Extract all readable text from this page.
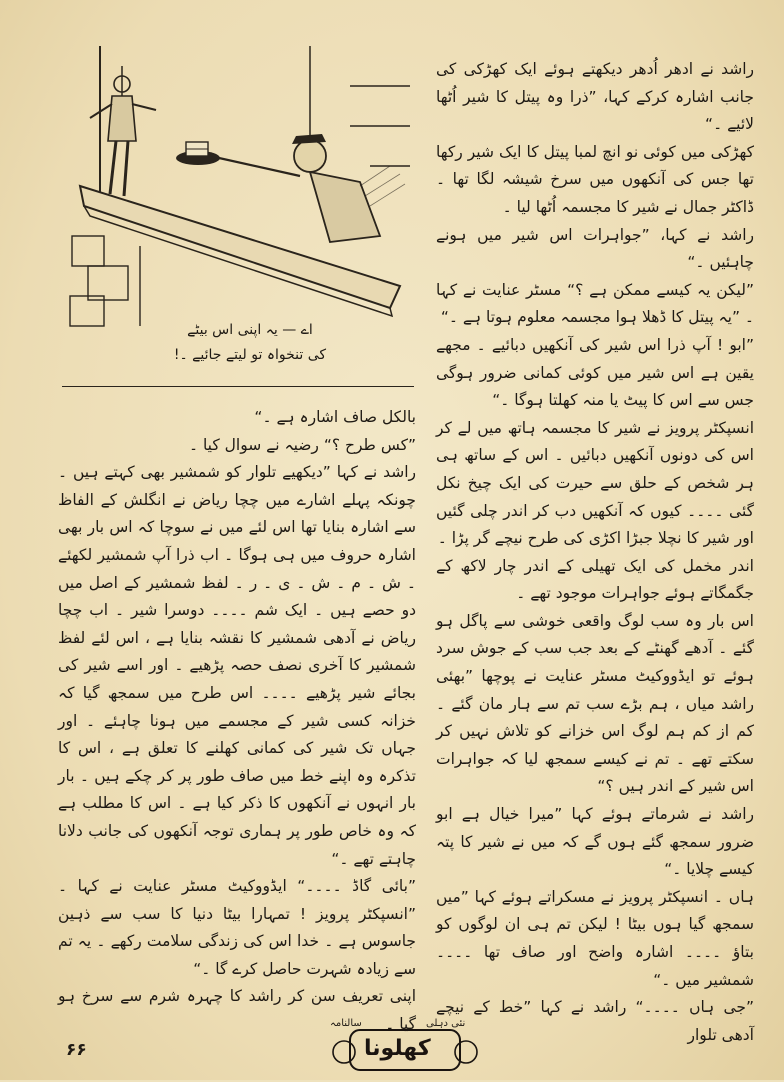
اے — یہ اپنی اس بیٹے

کی تنخواہ تو لیتے جائیے ۔!

راشد نے ادھر اُدھر دیکھتے ہوئے ایک کھڑکی کی جانب اشارہ کرکے کہا، ”ذرا وہ پیتل کا شیر اُٹھا لائیے ۔“

کھڑکی میں کوئی نو انچ لمبا پیتل کا ایک شیر رکھا تھا جس کی آنکھوں میں سرخ شیشہ لگا تھا ۔ ڈاکٹر جمال نے شیر کا مجسمہ اُٹھا لیا ۔

راشد نے کہا، ”جواہرات اس شیر میں ہونے چاہئیں ۔“

”لیکن یہ کیسے ممکن ہے ؟“ مسٹر عنایت نے کہا ۔ ”یہ پیتل کا ڈھلا ہوا مجسمہ معلوم ہوتا ہے ۔“

”ابو ! آپ ذرا اس شیر کی آنکھیں دبائیے ۔ مجھے یقین ہے اس شیر میں کوئی کمانی ضرور ہوگی جس سے اس کا پیٹ یا منہ کھلتا ہوگا ۔“

انسپکٹر پرویز نے شیر کا مجسمہ ہاتھ میں لے کر اس کی دونوں آنکھیں دبائیں ۔ اس کے ساتھ ہی ہر شخص کے حلق سے حیرت کی ایک چیخ نکل گئی ۔۔۔۔ کیوں کہ آنکھیں دب کر اندر چلی گئیں اور شیر کا نچلا جبڑا اکڑی کی طرح نیچے گر پڑا ۔

اندر مخمل کی ایک تھیلی کے اندر چار لاکھ کے جگمگاتے ہوئے جواہرات موجود تھے ۔

اس بار وہ سب لوگ واقعی خوشی سے پاگل ہو گئے ۔ آدھے گھنٹے کے بعد جب سب کے جوش سرد ہوئے تو ایڈووکیٹ مسٹر عنایت نے پوچھا ”بھئی راشد میاں ، ہم بڑے سب تم سے ہار مان گئے ۔ کم از کم ہم لوگ اس خزانے کو تلاش نہیں کر سکتے تھے ۔ تم نے کیسے سمجھ لیا کہ جواہرات اس شیر کے اندر ہیں ؟“

راشد نے شرماتے ہوئے کہا ”میرا خیال ہے ابو ضرور سمجھ گئے ہوں گے کہ میں نے شیر کا پتہ کیسے چلایا ۔“

ہاں ۔ انسپکٹر پرویز نے مسکراتے ہوئے کہا ”میں سمجھ گیا ہوں بیٹا ! لیکن تم ہی ان لوگوں کو بتاؤ ۔۔۔۔ اشارہ واضح اور صاف تھا ۔۔۔۔ شمشیر میں ۔“

”جی ہاں ۔۔۔۔“ راشد نے کہا ”خط کے نیچے آدھی تلوار

بالکل صاف اشارہ ہے ۔“

”کس طرح ؟“ رضیہ نے سوال کیا ۔

راشد نے کہا ”دیکھیے تلوار کو شمشیر بھی کہتے ہیں ۔ چونکہ پہلے اشارے میں چچا ریاض نے انگلش کے الفاظ سے اشارہ بنایا تھا اس لئے میں نے سوچا کہ اس بار بھی اشارہ حروف میں ہی ہوگا ۔ اب ذرا آپ شمشیر لکھئے ۔ ش ۔ م ۔ ش ۔ ی ۔ ر ۔ لفظ شمشیر کے اصل میں دو حصے ہیں ۔ ایک شم ۔۔۔۔ دوسرا شیر ۔ اب چچا ریاض نے آدھی شمشیر کا نقشہ بنایا ہے ، اس لئے لفظ شمشیر کا آخری نصف حصہ پڑھیے ۔ اور اسے شیر کی بجائے شیر پڑھیے ۔۔۔۔ اس طرح میں سمجھ گیا کہ خزانہ کسی شیر کے مجسمے میں ہونا چاہئے ۔ اور جہاں تک شیر کی کمانی کھلنے کا تعلق ہے ، اس کا تذکرہ وہ اپنے خط میں صاف طور پر کر چکے ہیں ۔ بار بار انہوں نے آنکھوں کا ذکر کیا ہے ۔ اس کا مطلب ہے کہ وہ خاص طور پر ہماری توجہ آنکھوں کی جانب دلانا چاہتے تھے ۔“

”بائی گاڈ ۔۔۔۔“ ایڈووکیٹ مسٹر عنایت نے کہا ۔ ”انسپکٹر پرویز ! تمہارا بیٹا دنیا کا سب سے ذہین جاسوس ہے ۔ خدا اس کی زندگی سلامت رکھے ۔ یہ تم سے زیادہ شہرت حاصل کرے گا ۔“

اپنی تعریف سن کر راشد کا چہرہ شرم سے سرخ ہو گیا ۔

۶۶	کھلونا
سالنامہ	نئی دہلی
